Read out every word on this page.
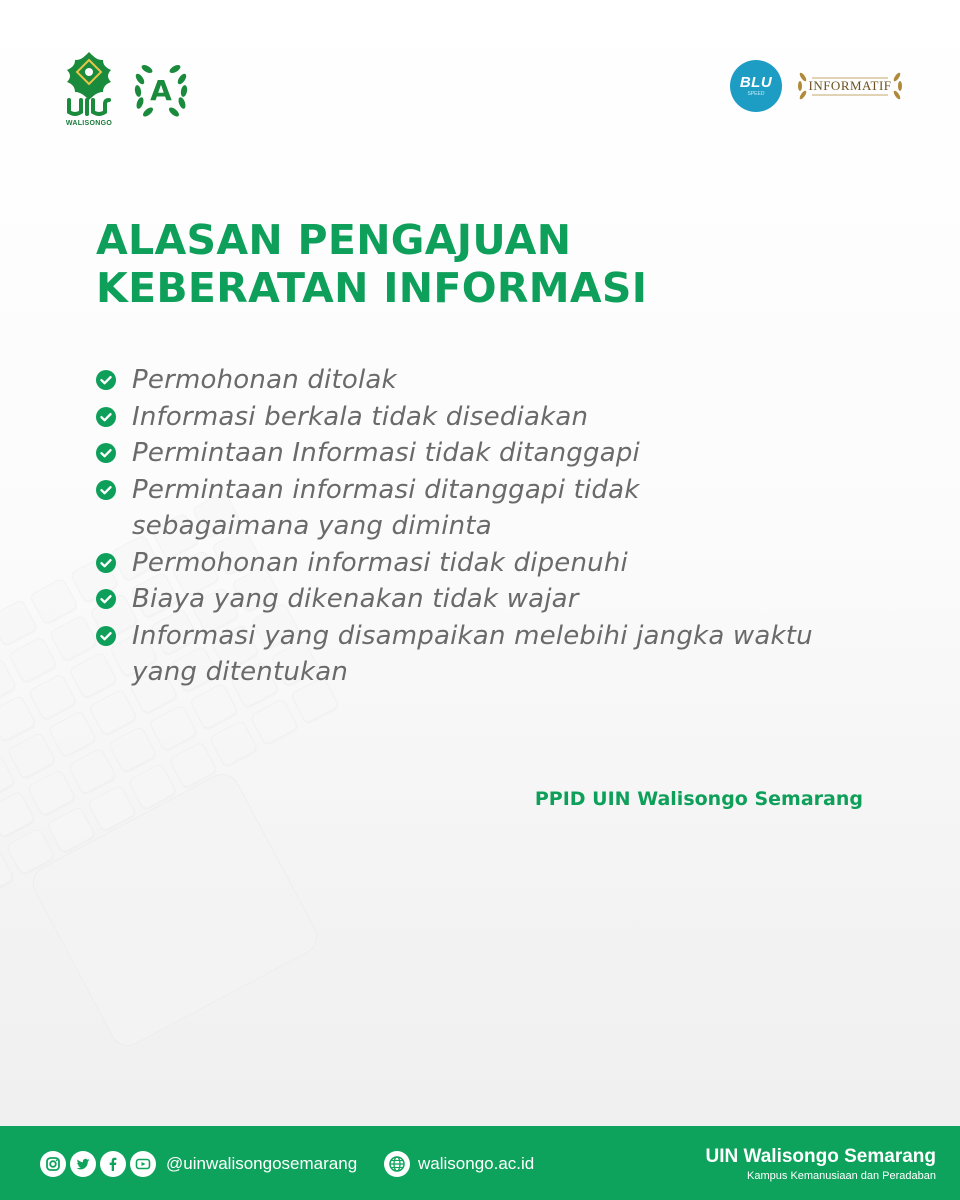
WALISONGO
A	BLU
SPEED
INFORMATIF
ALASAN PENGAJUAN
KEBERATAN INFORMASI
Permohonan ditolak
Informasi berkala tidak disediakan
Permintaan Informasi tidak ditanggapi
Permintaan informasi ditanggapi tidak sebagaimana yang diminta
Permohonan informasi tidak dipenuhi
Biaya yang dikenakan tidak wajar
Informasi yang disampaikan melebihi jangka waktu yang ditentukan
PPID UIN Walisongo Semarang
@uinwalisongosemarang	walisongo.ac.id	UIN Walisongo Semarang
Kampus Kemanusiaan dan Peradaban
